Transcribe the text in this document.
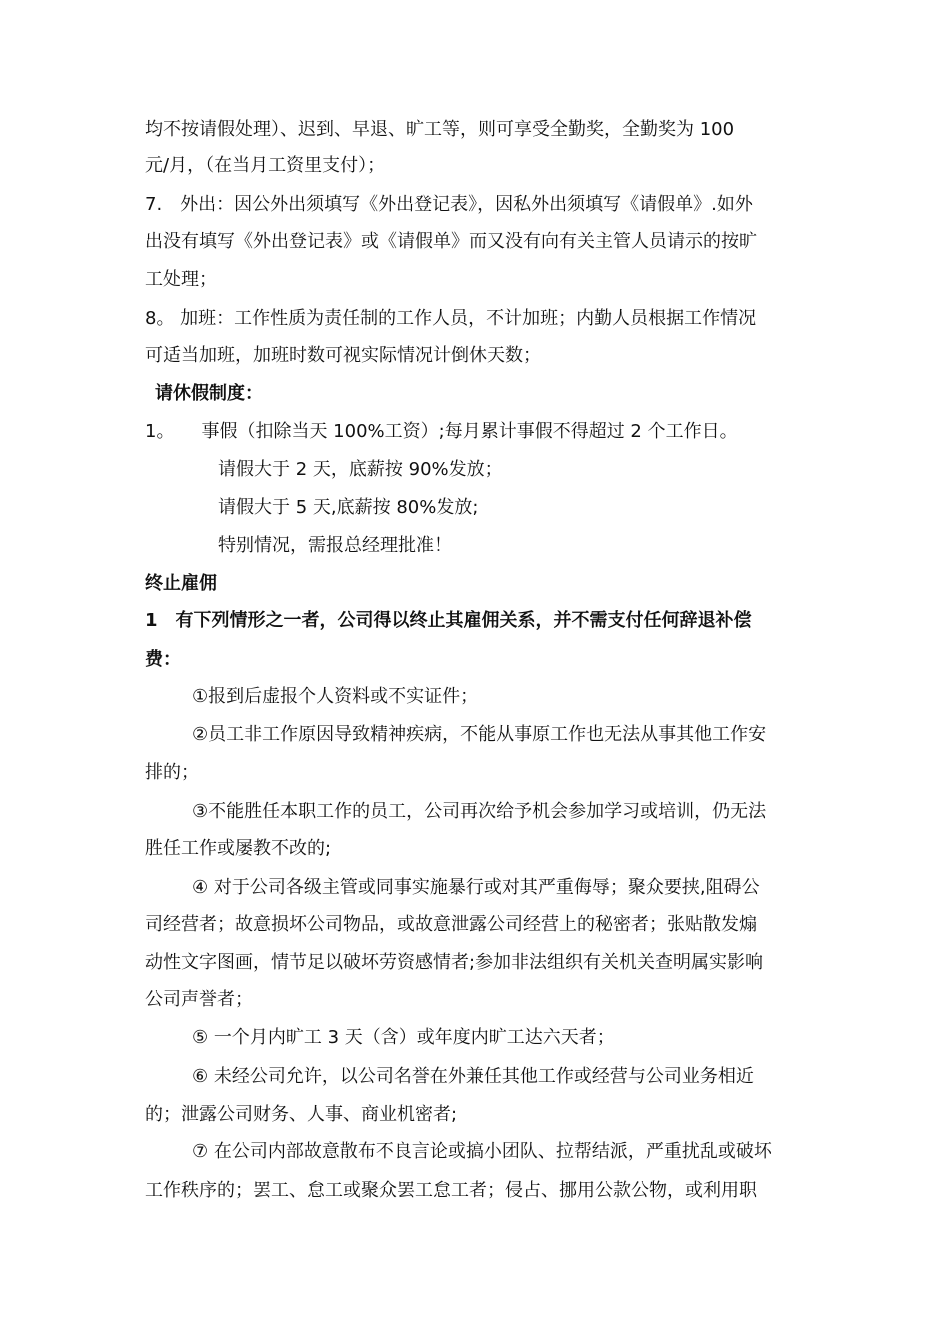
均不按请假处理）、迟到、早退、旷工等，则可享受全勤奖，全勤奖为 100
元/月，（在当月工资里支付）；
7.　外出：因公外出须填写《外出登记表》，因私外出须填写《请假单》.如外
出没有填写《外出登记表》或《请假单》而又没有向有关主管人员请示的按旷
工处理；
8。 加班：工作性质为责任制的工作人员，不计加班；内勤人员根据工作情况
可适当加班，加班时数可视实际情况计倒休天数；
请休假制度：
1。　　事假（扣除当天 100%工资）;每月累计事假不得超过 2 个工作日。
请假大于 2 天，底薪按 90%发放；
请假大于 5 天,底薪按 80%发放;
特别情况，需报总经理批准！
终止雇佣
1　有下列情形之一者，公司得以终止其雇佣关系，并不需支付任何辞退补偿
费：
①报到后虚报个人资料或不实证件；
②员工非工作原因导致精神疾病，不能从事原工作也无法从事其他工作安
排的；
③不能胜任本职工作的员工，公司再次给予机会参加学习或培训，仍无法
胜任工作或屡教不改的;
④ 对于公司各级主管或同事实施暴行或对其严重侮辱；聚众要挟,阻碍公
司经营者；故意损坏公司物品，或故意泄露公司经营上的秘密者；张贴散发煽
动性文字图画，情节足以破坏劳资感情者;参加非法组织有关机关查明属实影响
公司声誉者；
⑤ 一个月内旷工 3 天（含）或年度内旷工达六天者；
⑥ 未经公司允许，以公司名誉在外兼任其他工作或经营与公司业务相近
的；泄露公司财务、人事、商业机密者;
⑦ 在公司内部故意散布不良言论或搞小团队、拉帮结派，严重扰乱或破坏
工作秩序的；罢工、怠工或聚众罢工怠工者；侵占、挪用公款公物，或利用职
